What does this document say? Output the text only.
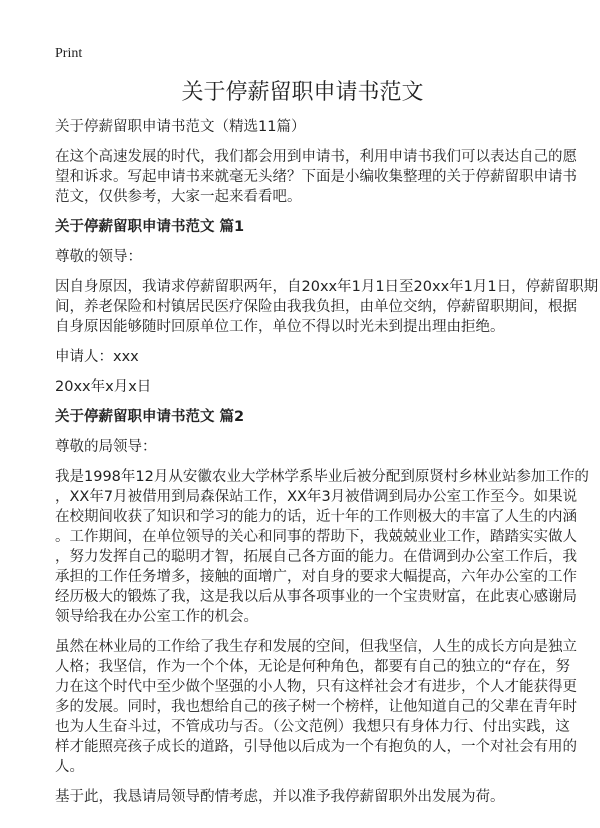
Print
关于停薪留职申请书范文

关于停薪留职申请书范文（精选11篇）

在这个高速发展的时代，我们都会用到申请书，利用申请书我们可以表达自己的愿
望和诉求。写起申请书来就毫无头绪？下面是小编收集整理的关于停薪留职申请书
范文，仅供参考，大家一起来看看吧。

关于停薪留职申请书范文 篇1

尊敬的领导：

因自身原因，我请求停薪留职两年，自20xx年1月1日至20xx年1月1日，停薪留职期
间，养老保险和村镇居民医疗保险由我我负担，由单位交纳，停薪留职期间，根据
自身原因能够随时回原单位工作，单位不得以时光未到提出理由拒绝。

申请人：xxx

20xx年x月x日

关于停薪留职申请书范文 篇2

尊敬的局领导：

我是1998年12月从安徽农业大学林学系毕业后被分配到原贤村乡林业站参加工作的
，XX年7月被借用到局森保站工作，XX年3月被借调到局办公室工作至今。如果说
在校期间收获了知识和学习的能力的话，近十年的工作则极大的丰富了人生的内涵
。工作期间，在单位领导的关心和同事的帮助下，我兢兢业业工作，踏踏实实做人
，努力发挥自己的聪明才智，拓展自己各方面的能力。在借调到办公室工作后，我
承担的工作任务增多，接触的面增广，对自身的要求大幅提高，六年办公室的工作
经历极大的锻炼了我，这是我以后从事各项事业的一个宝贵财富，在此衷心感谢局
领导给我在办公室工作的机会。

虽然在林业局的工作给了我生存和发展的空间，但我坚信，人生的成长方向是独立
人格；我坚信，作为一个个体，无论是何种角色，都要有自己的独立的“存在，努
力在这个时代中至少做个坚强的小人物，只有这样社会才有进步，个人才能获得更
多的发展。同时，我也想给自己的孩子树一个榜样，让他知道自己的父辈在青年时
也为人生奋斗过，不管成功与否。（公文范例）我想只有身体力行、付出实践，这
样才能照亮孩子成长的道路，引导他以后成为一个有抱负的人，一个对社会有用的
人。

基于此，我恳请局领导酌情考虑，并以准予我停薪留职外出发展为荷。
